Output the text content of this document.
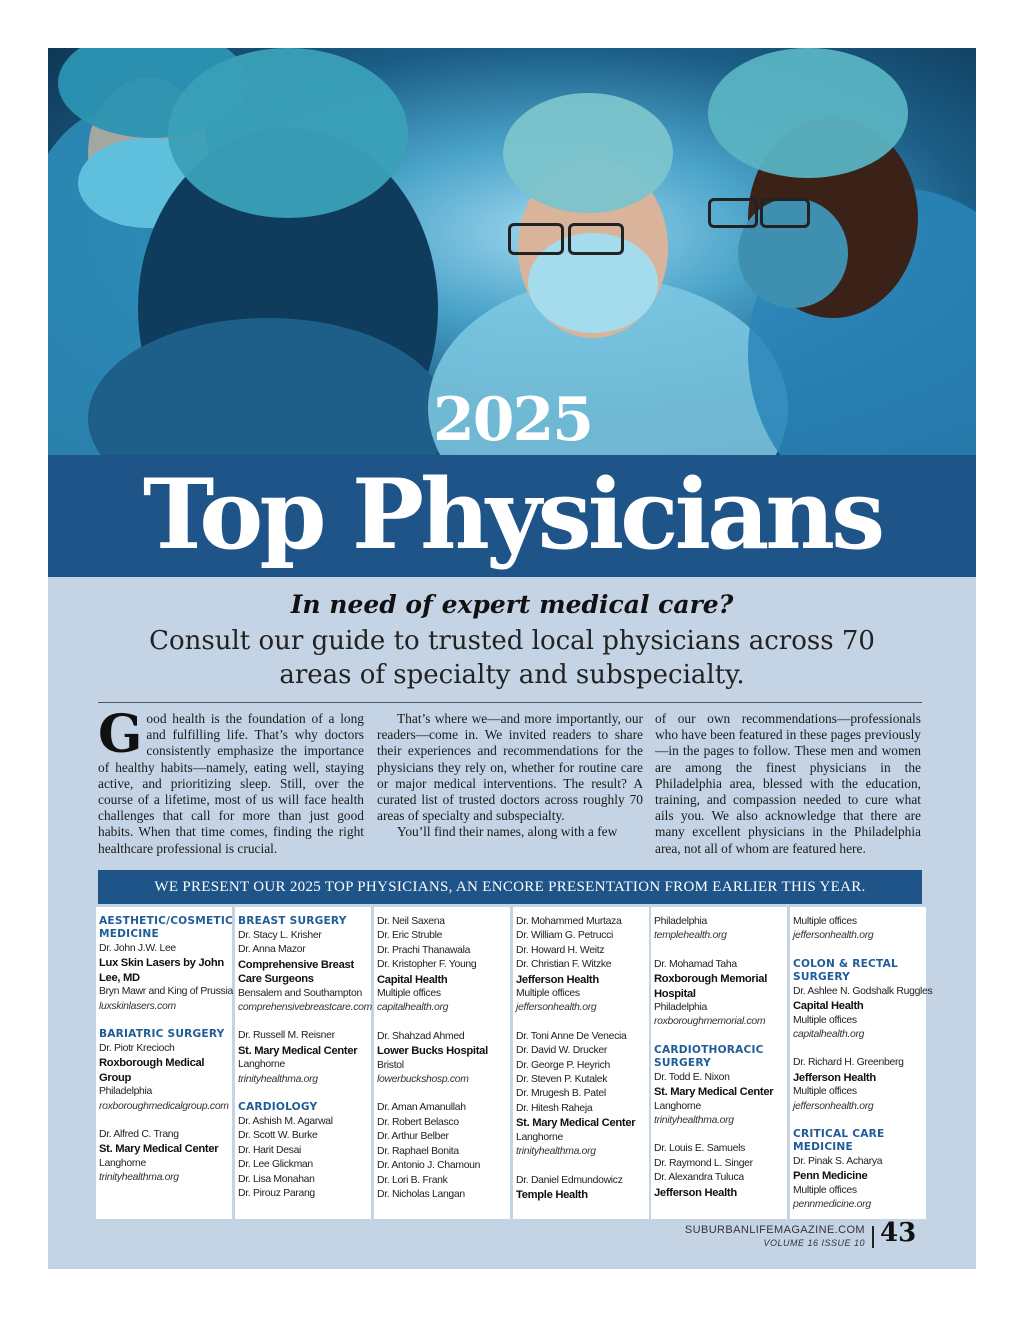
2025
Top Physicians
In need of expert medical care?
Consult our guide to trusted local physicians across 70 areas of specialty and subspecialty.
Good health is the foundation of a long and fulfilling life. That’s why doctors consistently emphasize the importance of healthy habits—namely, eating well, staying active, and prioritizing sleep. Still, over the course of a lifetime, most of us will face health challenges that call for more than just good habits. When that time comes, finding the right healthcare professional is crucial.

That’s where we—and more importantly, our readers—come in. We invited readers to share their experiences and recommendations for the physicians they rely on, whether for routine care or major medical interventions. The result? A curated list of trusted doctors across roughly 70 areas of specialty and subspecialty.

You’ll find their names, along with a few

of our own recommendations—professionals who have been featured in these pages previously—in the pages to follow. These men and women are among the finest physicians in the Philadelphia area, blessed with the education, training, and compassion needed to cure what ails you. We also acknowledge that there are many excellent physicians in the Philadelphia area, not all of whom are featured here.

WE PRESENT OUR 2025 TOP PHYSICIANS, AN ENCORE PRESENTATION FROM EARLIER THIS YEAR.
AESTHETIC/COSMETIC MEDICINE
Dr. John J.W. Lee
Lux Skin Lasers by John Lee, MD
Bryn Mawr and King of Prussia
luxskinlasers.com
BARIATRIC SURGERY
Dr. Piotr Krecioch
Roxborough Medical Group
Philadelphia
roxboroughmedicalgroup.com
Dr. Alfred C. Trang
St. Mary Medical Center
Langhorne
trinityhealthma.org
BREAST SURGERY
Dr. Stacy L. Krisher
Dr. Anna Mazor
Comprehensive Breast Care Surgeons
Bensalem and Southampton
comprehensivebreastcare.com
Dr. Russell M. Reisner
St. Mary Medical Center
Langhorne
trinityhealthma.org
CARDIOLOGY
Dr. Ashish M. Agarwal
Dr. Scott W. Burke
Dr. Harit Desai
Dr. Lee Glickman
Dr. Lisa Monahan
Dr. Pirouz Parang
Dr. Neil Saxena
Dr. Eric Struble
Dr. Prachi Thanawala
Dr. Kristopher F. Young
Capital Health
Multiple offices
capitalhealth.org
Dr. Shahzad Ahmed
Lower Bucks Hospital
Bristol
lowerbuckshosp.com
Dr. Aman Amanullah
Dr. Robert Belasco
Dr. Arthur Belber
Dr. Raphael Bonita
Dr. Antonio J. Chamoun
Dr. Lori B. Frank
Dr. Nicholas Langan
Dr. Mohammed Murtaza
Dr. William G. Petrucci
Dr. Howard H. Weitz
Dr. Christian F. Witzke
Jefferson Health
Multiple offices
jeffersonhealth.org
Dr. Toni Anne De Venecia
Dr. David W. Drucker
Dr. George P. Heyrich
Dr. Steven P. Kutalek
Dr. Mrugesh B. Patel
Dr. Hitesh Raheja
St. Mary Medical Center
Langhorne
trinityhealthma.org
Dr. Daniel Edmundowicz
Temple Health
Philadelphia
templehealth.org
Dr. Mohamad Taha
Roxborough Memorial Hospital
Philadelphia
roxboroughmemorial.com
CARDIOTHORACIC SURGERY
Dr. Todd E. Nixon
St. Mary Medical Center
Langhorne
trinityhealthma.org
Dr. Louis E. Samuels
Dr. Raymond L. Singer
Dr. Alexandra Tuluca
Jefferson Health
Multiple offices
jeffersonhealth.org
COLON & RECTAL SURGERY
Dr. Ashlee N. Godshalk Ruggles
Capital Health
Multiple offices
capitalhealth.org
Dr. Richard H. Greenberg
Jefferson Health
Multiple offices
jeffersonhealth.org
CRITICAL CARE MEDICINE
Dr. Pinak S. Acharya
Penn Medicine
Multiple offices
pennmedicine.org
SUBURBANLIFEMAGAZINE.COM
VOLUME 16 ISSUE 10 43
